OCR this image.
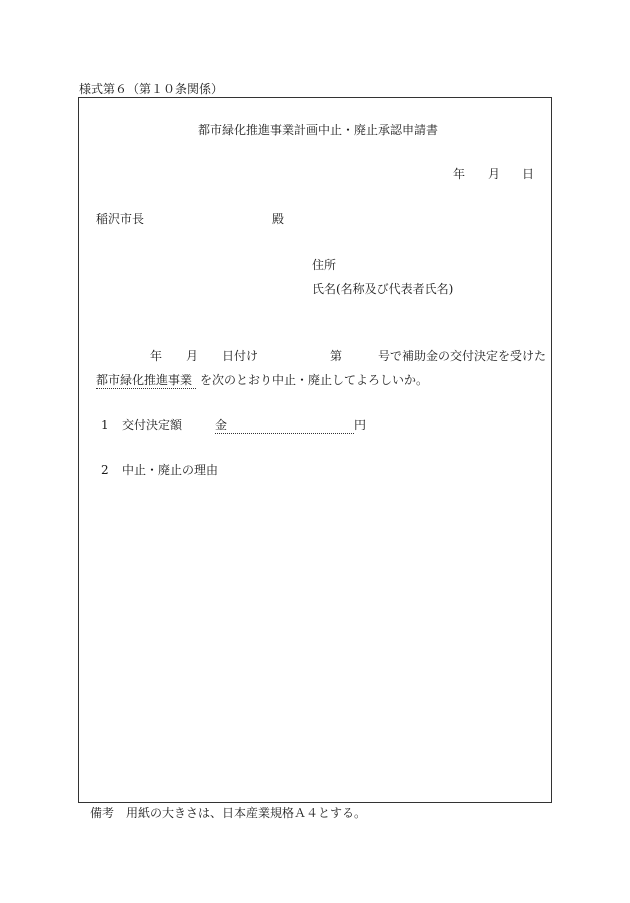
様式第６（第１０条関係）
都市緑化推進事業計画中止・廃止承認申請書
年 月 日
稲沢市長	殿
住所
氏名(名称及び代表者氏名)
年 月 日付け	第	号で補助金の交付決定を受けた
都市緑化推進事業 を次のとおり中止・廃止してよろしいか。
1 交付決定額	金	円
2 中止・廃止の理由
備考 用紙の大きさは、日本産業規格Ａ４とする。
